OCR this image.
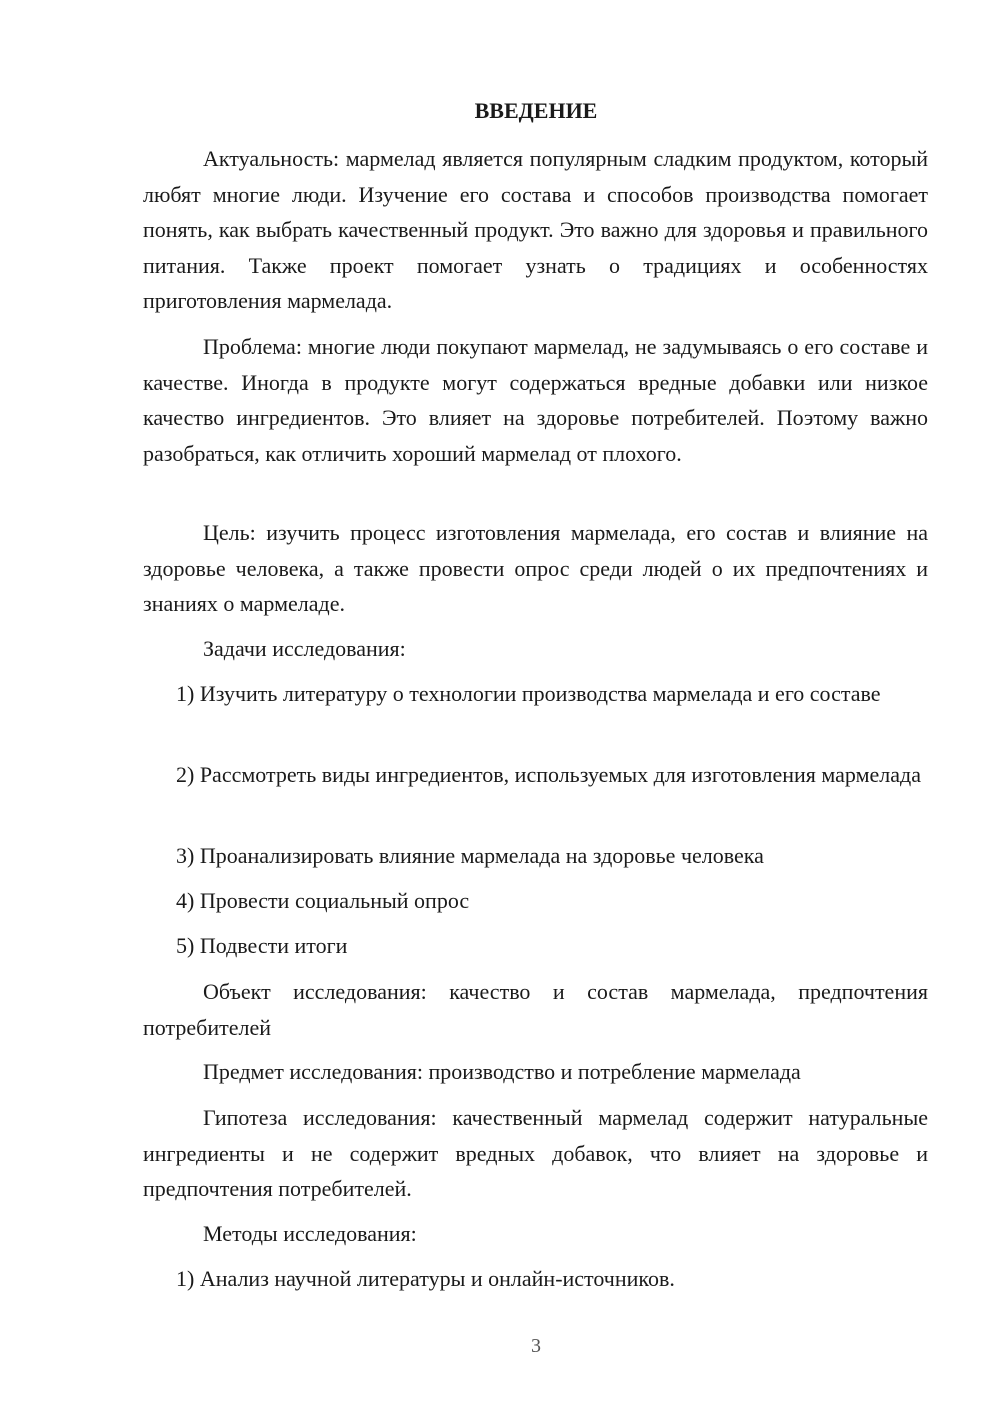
ВВЕДЕНИЕ

Актуальность: мармелад является популярным сладким продуктом, который любят многие люди. Изучение его состава и способов производства помогает понять, как выбрать качественный продукт. Это важно для здоровья и правильного питания. Также проект помогает узнать о традициях и особенностях приготовления мармелада.

Проблема: многие люди покупают мармелад, не задумываясь о его составе и качестве. Иногда в продукте могут содержаться вредные добавки или низкое качество ингредиентов. Это влияет на здоровье потребителей. Поэтому важно разобраться, как отличить хороший мармелад от плохого.

Цель: изучить процесс изготовления мармелада, его состав и влияние на здоровье человека, а также провести опрос среди людей о их предпочтениях и знаниях о мармеладе.

Задачи исследования:

1) Изучить литературу о технологии производства мармелада и его составе

2) Рассмотреть виды ингредиентов, используемых для изготовления мармелада

3) Проанализировать влияние мармелада на здоровье человека

4) Провести социальный опрос

5) Подвести итоги

Объект исследования: качество и состав мармелада, предпочтения потребителей

Предмет исследования: производство и потребление мармелада

Гипотеза исследования: качественный мармелад содержит натуральные ингредиенты и не содержит вредных добавок, что влияет на здоровье и предпочтения потребителей.

Методы исследования:

1) Анализ научной литературы и онлайн-источников.

3
